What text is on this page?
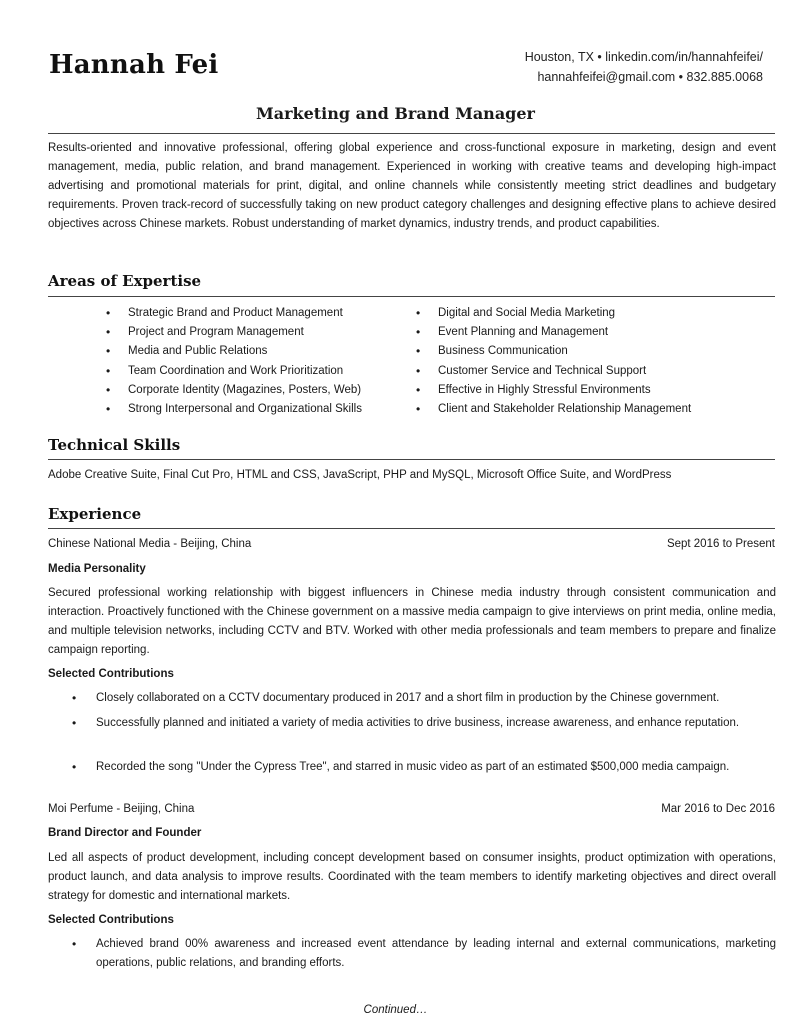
Hannah Fei	Houston, TX • linkedin.com/in/hannahfeifei/
hannahfeifei@gmail.com • 832.885.0068
Marketing and Brand Manager
Results-oriented and innovative professional, offering global experience and cross-functional exposure in marketing, design and event management, media, public relation, and brand management. Experienced in working with creative teams and developing high-impact advertising and promotional materials for print, digital, and online channels while consistently meeting strict deadlines and budgetary requirements. Proven track-record of successfully taking on new product category challenges and designing effective plans to achieve desired objectives across Chinese markets. Robust understanding of market dynamics, industry trends, and product capabilities.
Areas of Expertise
• Strategic Brand and Product Management
• Project and Program Management
• Media and Public Relations
• Team Coordination and Work Prioritization
• Corporate Identity (Magazines, Posters, Web)
• Strong Interpersonal and Organizational Skills
• Digital and Social Media Marketing
• Event Planning and Management
• Business Communication
• Customer Service and Technical Support
• Effective in Highly Stressful Environments
• Client and Stakeholder Relationship Management
Technical Skills
Adobe Creative Suite, Final Cut Pro, HTML and CSS, JavaScript, PHP and MySQL, Microsoft Office Suite, and WordPress
Experience
Chinese National Media - Beijing, China	Sept 2016 to Present
Media Personality
Secured professional working relationship with biggest influencers in Chinese media industry through consistent communication and interaction. Proactively functioned with the Chinese government on a massive media campaign to give interviews on print media, online media, and multiple television networks, including CCTV and BTV. Worked with other media professionals and team members to prepare and finalize campaign reporting.
Selected Contributions
• Closely collaborated on a CCTV documentary produced in 2017 and a short film in production by the Chinese government.
• Successfully planned and initiated a variety of media activities to drive business, increase awareness, and enhance reputation.
• Recorded the song "Under the Cypress Tree", and starred in music video as part of an estimated $500,000 media campaign.
Moi Perfume - Beijing, China	Mar 2016 to Dec 2016
Brand Director and Founder
Led all aspects of product development, including concept development based on consumer insights, product optimization with operations, product launch, and data analysis to improve results. Coordinated with the team members to identify marketing objectives and direct overall strategy for domestic and international markets.
Selected Contributions
• Achieved brand 00% awareness and increased event attendance by leading internal and external communications, marketing operations, public relations, and branding efforts.
Continued…
